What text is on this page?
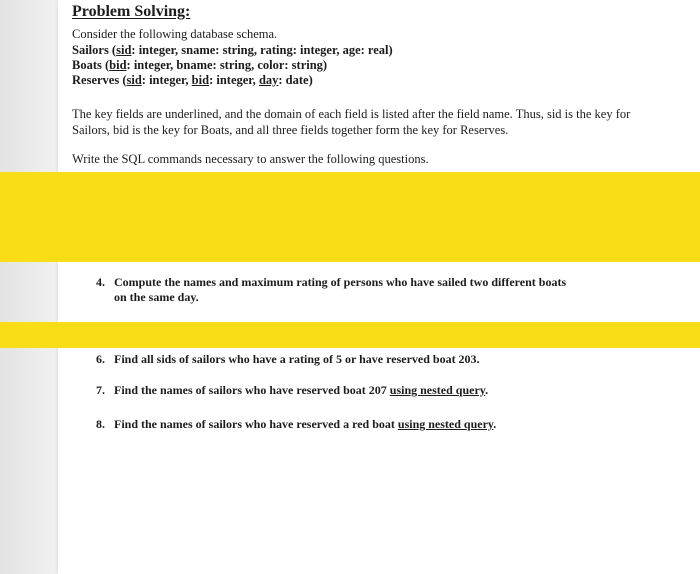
Problem Solving:
Consider the following database schema.
Sailors (sid: integer, sname: string, rating: integer, age: real)
Boats (bid: integer, bname: string, color: string)
Reserves (sid: integer, bid: integer, day: date)
The key fields are underlined, and the domain of each field is listed after the field name. Thus, sid is the key for Sailors, bid is the key for Boats, and all three fields together form the key for Reserves.
Write the SQL commands necessary to answer the following questions.
4. Compute the names and maximum rating of persons who have sailed two different boats
on the same day.
6. Find all sids of sailors who have a rating of 5 or have reserved boat 203.
7. Find the names of sailors who have reserved boat 207 using nested query.
8. Find the names of sailors who have reserved a red boat using nested query.
